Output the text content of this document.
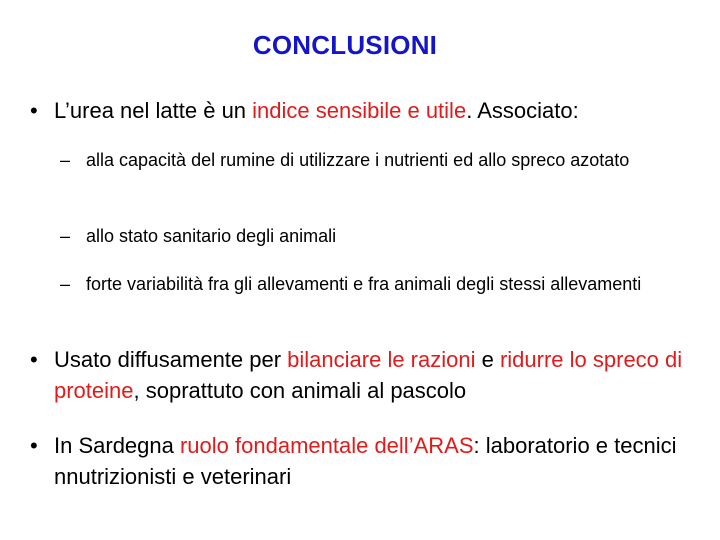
CONCLUSIONI
• L’urea nel latte è un indice sensibile e utile. Associato:
– alla capacità del rumine di utilizzare i nutrienti ed allo spreco azotato
– allo stato sanitario degli animali
– forte variabilità fra gli allevamenti e fra animali degli stessi allevamenti
• Usato diffusamente per bilanciare le razioni e ridurre lo spreco di proteine, soprattuto con animali al pascolo
• In Sardegna ruolo fondamentale dell’ARAS: laboratorio e tecnici nnutrizionisti e veterinari
